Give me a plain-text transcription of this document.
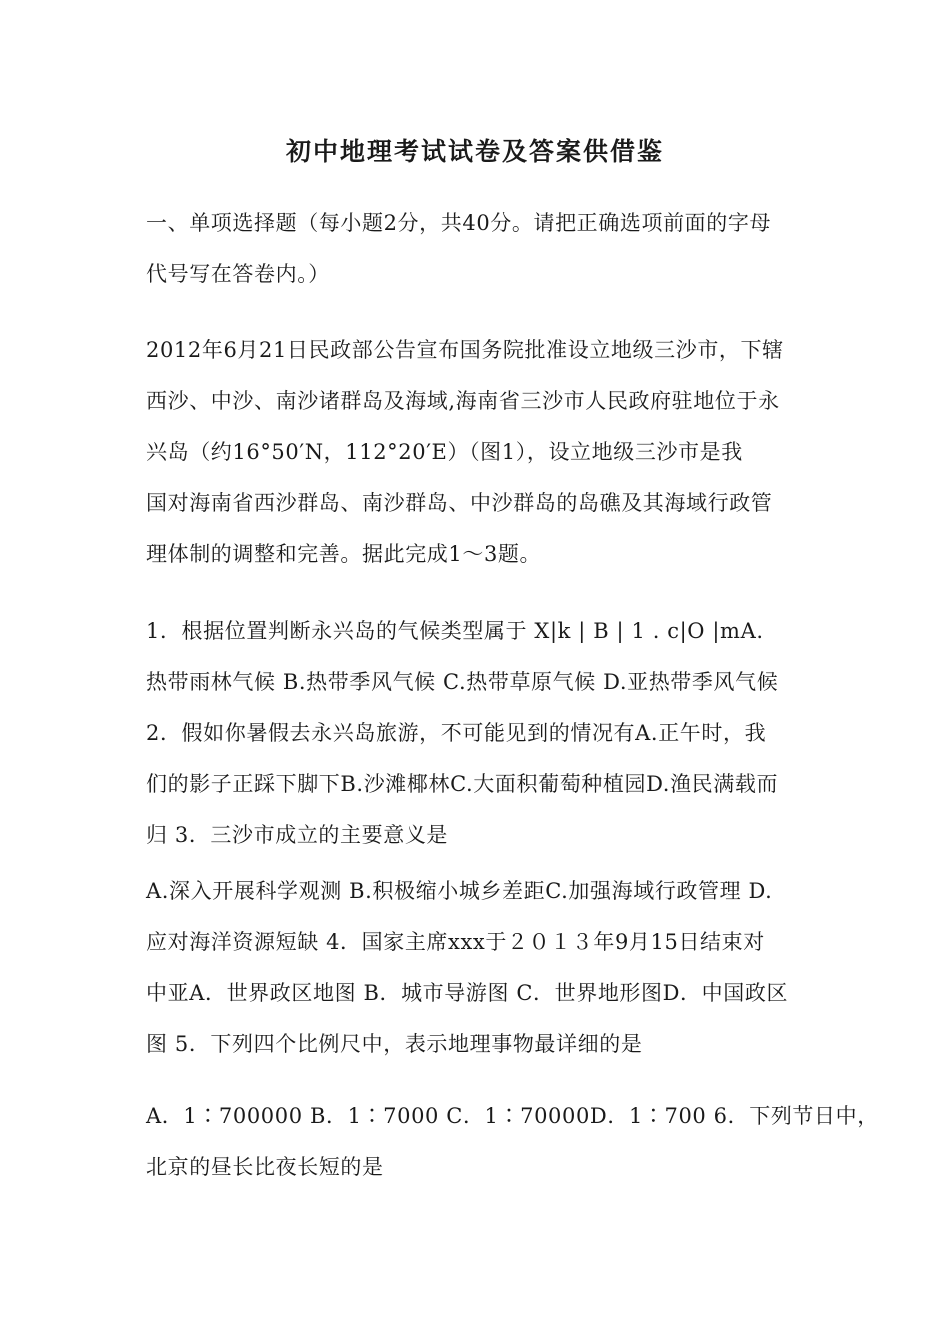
初中地理考试试卷及答案供借鉴
一、单项选择题（每小题2分，共40分。请把正确选项前面的字母
代号写在答卷内。）
2012年6月21日民政部公告宣布国务院批准设立地级三沙市，下辖
西沙、中沙、南沙诸群岛及海域,海南省三沙市人民政府驻地位于永
兴岛（约16°50′N，112°20′E）（图1），设立地级三沙市是我
国对海南省西沙群岛、南沙群岛、中沙群岛的岛礁及其海域行政管
理体制的调整和完善。据此完成1～3题。
1．根据位置判断永兴岛的气候类型属于 X|k | B | 1 . c|O |mA.
热带雨林气候 B.热带季风气候 C.热带草原气候 D.亚热带季风气候
2．假如你暑假去永兴岛旅游，不可能见到的情况有A.正午时，我
们的影子正踩下脚下B.沙滩椰林C.大面积葡萄种植园D.渔民满载而
归 3．三沙市成立的主要意义是
A.深入开展科学观测 B.积极缩小城乡差距C.加强海域行政管理 D.
应对海洋资源短缺 4．国家主席xxx于２０１３年9月15日结束对
中亚A．世界政区地图 B．城市导游图 C．世界地形图D．中国政区
图 5．下列四个比例尺中，表示地理事物最详细的是
A．1∶700000 B．1∶7000 C．1∶70000D．1∶700 6．下列节日中，
北京的昼长比夜长短的是
